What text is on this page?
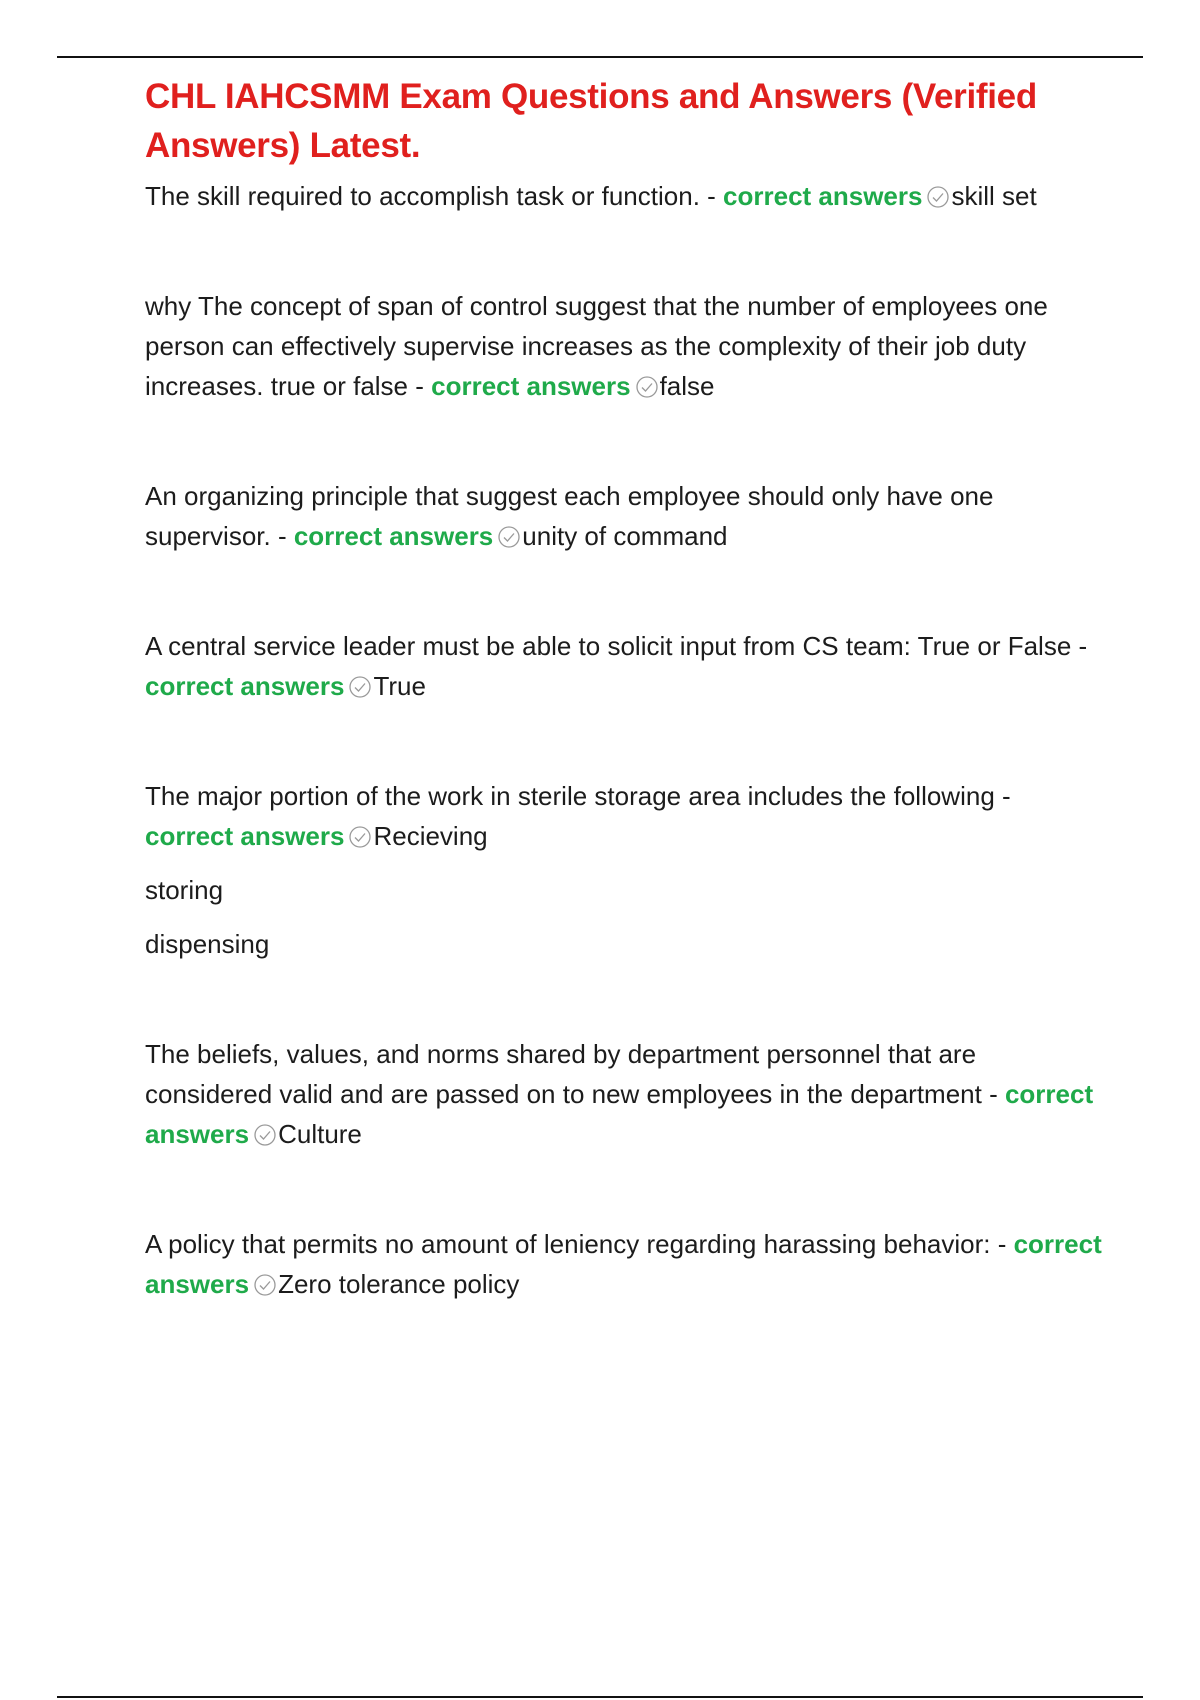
CHL IAHCSMM Exam Questions and Answers (Verified Answers) Latest.

The skill required to accomplish task or function. - correct answers skill set

why The concept of span of control suggest that the number of employees one person can effectively supervise increases as the complexity of their job duty increases. true or false - correct answers false

An organizing principle that suggest each employee should only have one supervisor. - correct answers unity of command

A central service leader must be able to solicit input from CS team: True or False - correct answers True

The major portion of the work in sterile storage area includes the following - correct answers Recieving
storing
dispensing

The beliefs, values, and norms shared by department personnel that are considered valid and are passed on to new employees in the department - correct answers Culture

A policy that permits no amount of leniency regarding harassing behavior: - correct answers Zero tolerance policy
